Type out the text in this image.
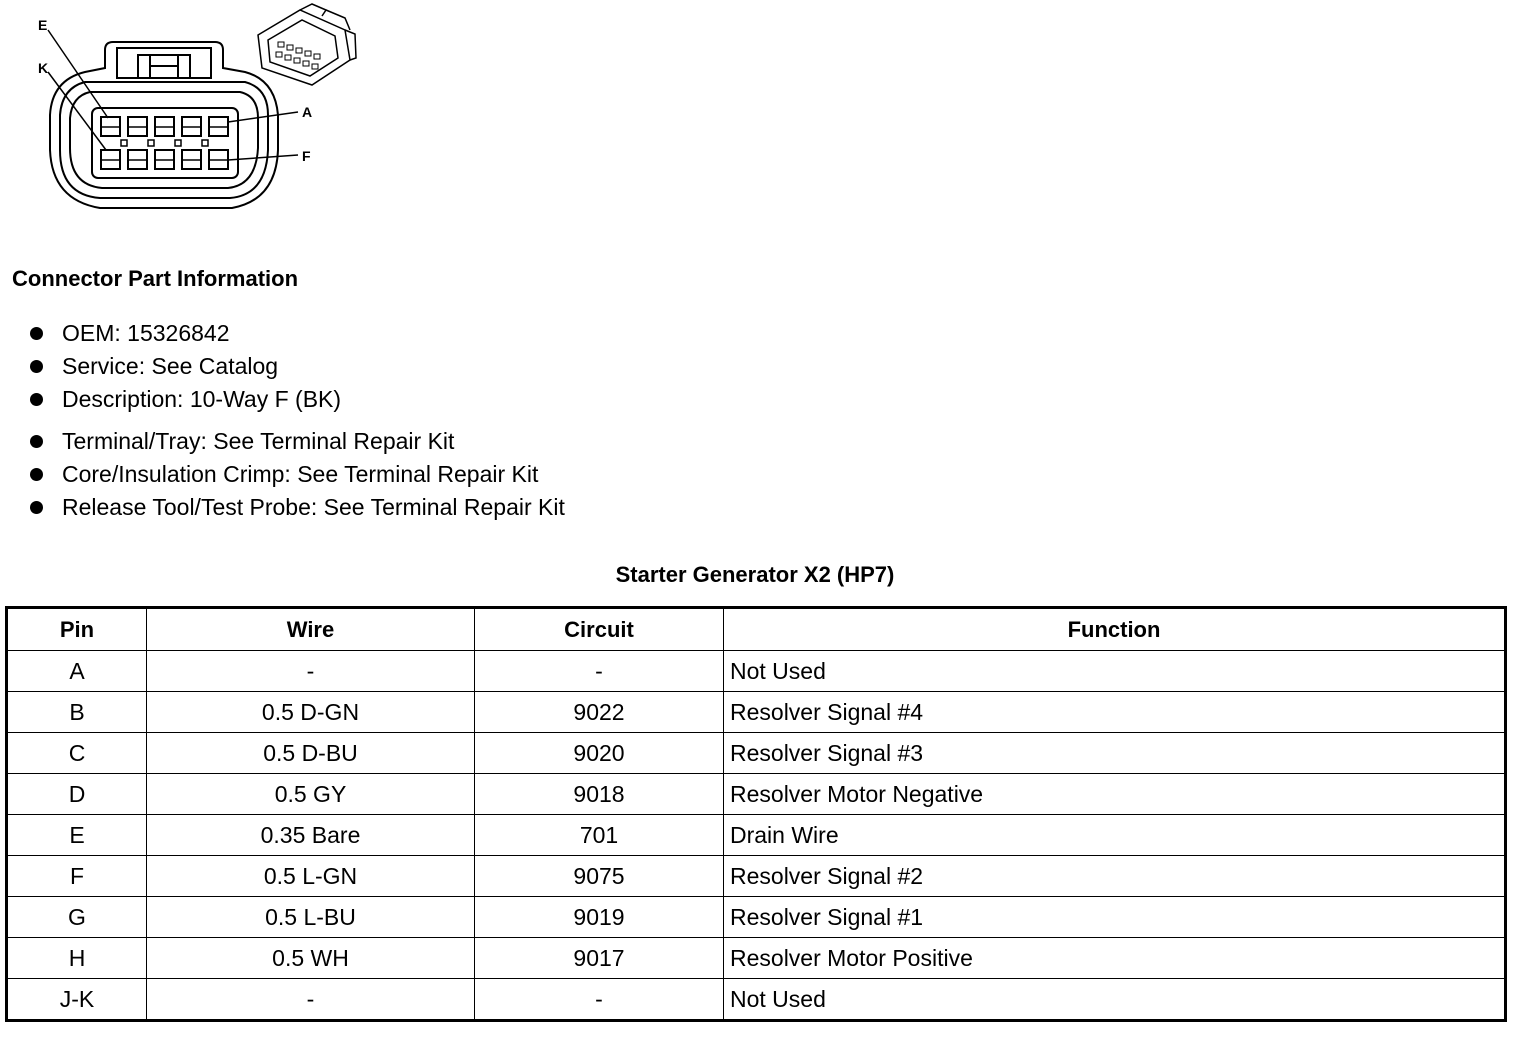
E
K
A
F
Connector Part Information
OEM: 15326842
Service: See Catalog
Description: 10-Way F (BK)
Terminal/Tray: See Terminal Repair Kit
Core/Insulation Crimp: See Terminal Repair Kit
Release Tool/Test Probe: See Terminal Repair Kit
Starter Generator X2 (HP7)
Pin	Wire	Circuit	Function
A	-	-	Not Used
B	0.5 D-GN	9022	Resolver Signal #4
C	0.5 D-BU	9020	Resolver Signal #3
D	0.5 GY	9018	Resolver Motor Negative
E	0.35 Bare	701	Drain Wire
F	0.5 L-GN	9075	Resolver Signal #2
G	0.5 L-BU	9019	Resolver Signal #1
H	0.5 WH	9017	Resolver Motor Positive
J-K	-	-	Not Used
